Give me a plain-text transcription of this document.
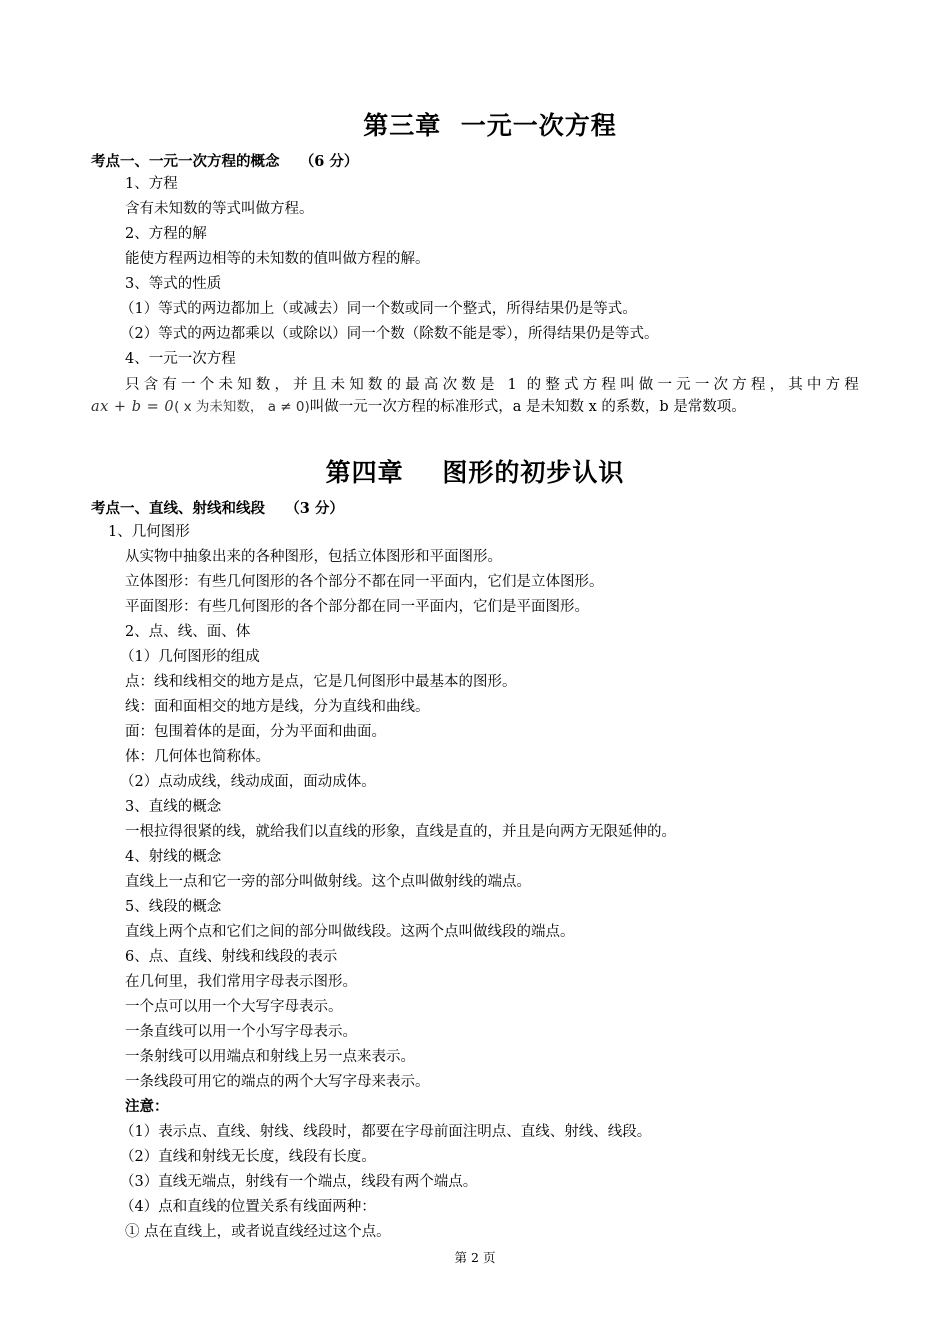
第三章  一元一次方程
考点一、一元一次方程的概念    （6 分）
1、方程
含有未知数的等式叫做方程。
2、方程的解
能使方程两边相等的未知数的值叫做方程的解。
3、等式的性质
（1）等式的两边都加上（或减去）同一个数或同一个整式，所得结果仍是等式。
（2）等式的两边都乘以（或除以）同一个数（除数不能是零），所得结果仍是等式。
4、一元一次方程
只含有一个未知数，并且未知数的最高次数是 1 的整式方程叫做一元一次方程，其中方程
ax + b = 0( x 为未知数， a ≠ 0)叫做一元一次方程的标准形式，a 是未知数 x 的系数，b 是常数项。
第四章    图形的初步认识
考点一、直线、射线和线段    （3 分）
1、几何图形
从实物中抽象出来的各种图形，包括立体图形和平面图形。
立体图形：有些几何图形的各个部分不都在同一平面内，它们是立体图形。
平面图形：有些几何图形的各个部分都在同一平面内，它们是平面图形。
2、点、线、面、体
（1）几何图形的组成
点：线和线相交的地方是点，它是几何图形中最基本的图形。
线：面和面相交的地方是线，分为直线和曲线。
面：包围着体的是面，分为平面和曲面。
体：几何体也简称体。
（2）点动成线，线动成面，面动成体。
3、直线的概念
一根拉得很紧的线，就给我们以直线的形象，直线是直的，并且是向两方无限延伸的。
4、射线的概念
直线上一点和它一旁的部分叫做射线。这个点叫做射线的端点。
5、线段的概念
直线上两个点和它们之间的部分叫做线段。这两个点叫做线段的端点。
6、点、直线、射线和线段的表示
在几何里，我们常用字母表示图形。
一个点可以用一个大写字母表示。
一条直线可以用一个小写字母表示。
一条射线可以用端点和射线上另一点来表示。
一条线段可用它的端点的两个大写字母来表示。
注意：
（1）表示点、直线、射线、线段时，都要在字母前面注明点、直线、射线、线段。
（2）直线和射线无长度，线段有长度。
（3）直线无端点，射线有一个端点，线段有两个端点。
（4）点和直线的位置关系有线面两种：
① 点在直线上，或者说直线经过这个点。
第 2 页
